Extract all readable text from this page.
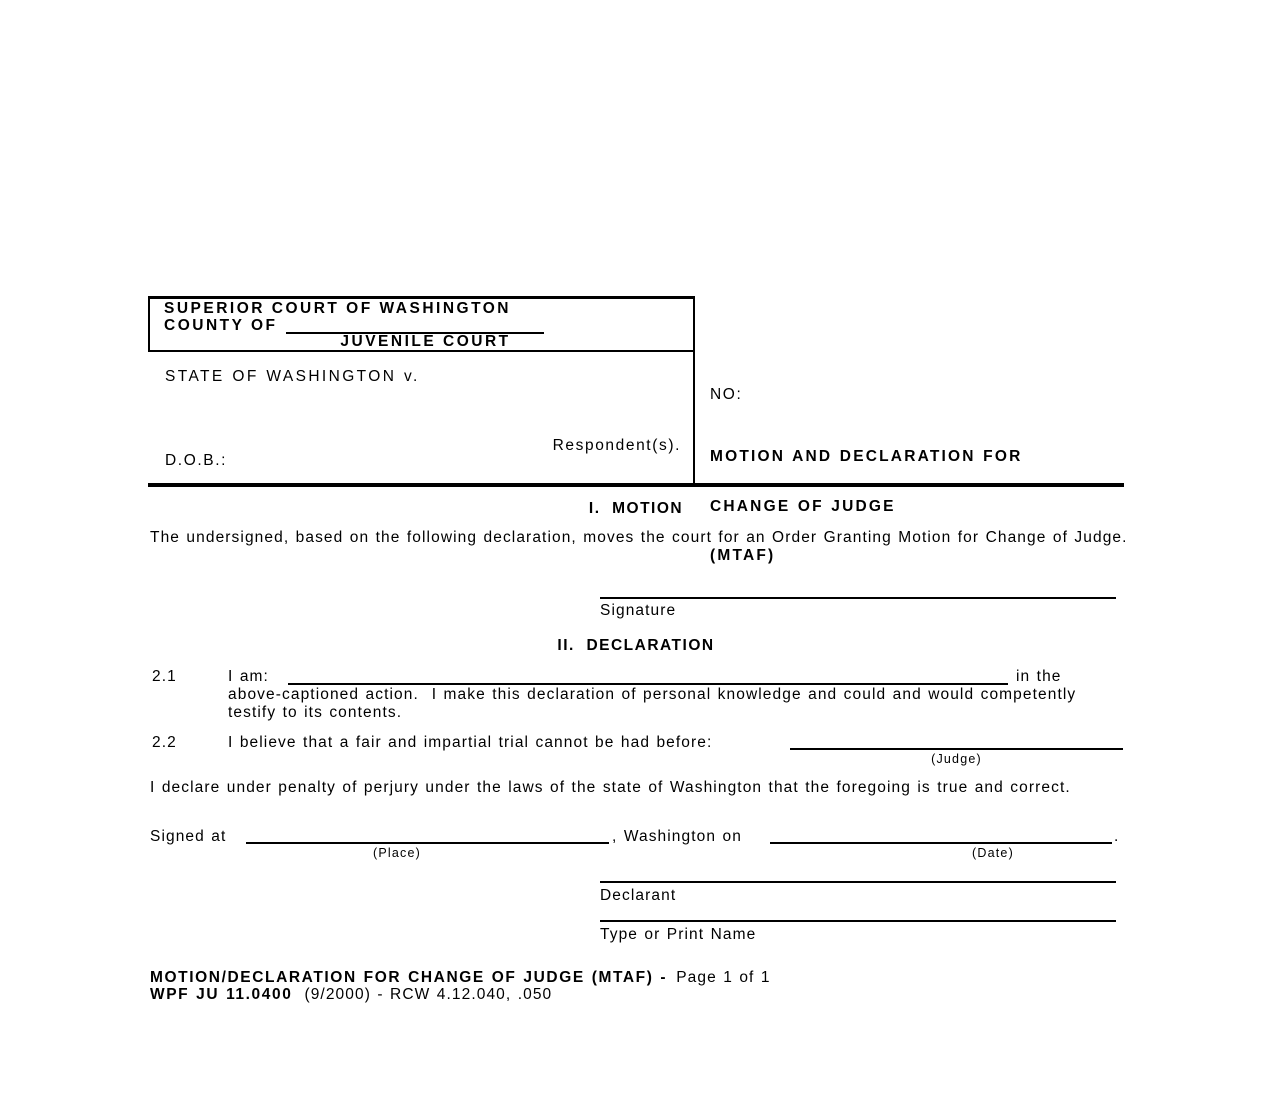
SUPERIOR COURT OF WASHINGTON
COUNTY OF
JUVENILE COURT
STATE OF WASHINGTON v.
Respondent(s).
D.O.B.:
NO:

MOTION AND DECLARATION FOR

CHANGE OF JUDGE

(MTAF)

I.  MOTION
The undersigned, based on the following declaration, moves the court for an Order Granting Motion for Change of Judge.
Signature
II.  DECLARATION
2.1	I am:	in the
above-captioned action.  I make this declaration of personal knowledge and could and would competently testify to its contents.
2.2	I believe that a fair and impartial trial cannot be had before:
(Judge)
I declare under penalty of perjury under the laws of the state of Washington that the foregoing is true and correct.
Signed at	, Washington on	.
(Place)	(Date)
Declarant
Type or Print Name
MOTION/DECLARATION FOR CHANGE OF JUDGE (MTAF) - Page 1 of 1
WPF JU 11.0400 (9/2000) - RCW 4.12.040, .050
